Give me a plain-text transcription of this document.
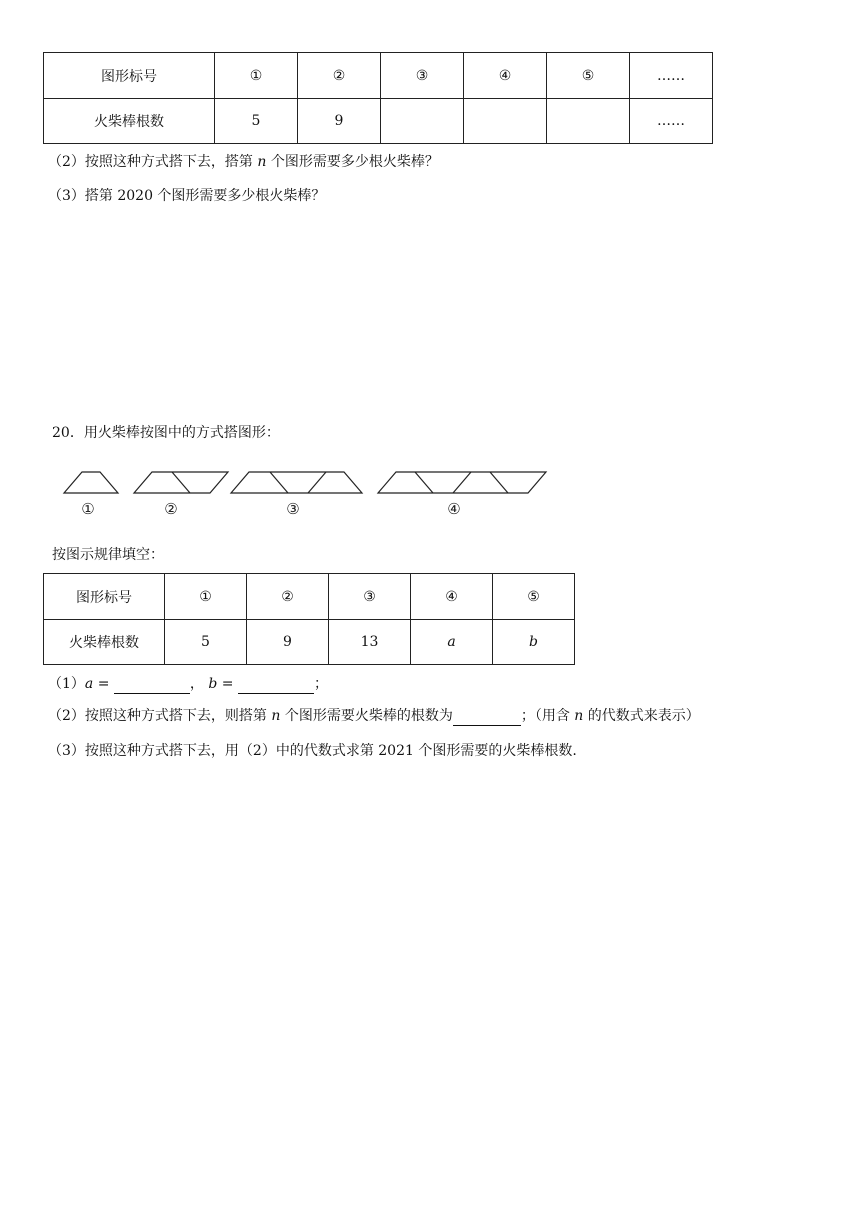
图形标号	①	②	③	④	⑤	……
火柴棒根数	5	9				……
（2）按照这种方式搭下去，搭第 n 个图形需要多少根火柴棒？
（3）搭第 2020 个图形需要多少根火柴棒？
20．用火柴棒按图中的方式搭图形：
①	②	③	④
按图示规律填空：
图形标号	①	②	③	④	⑤
火柴棒根数	5	9	13	a	b
（1）a =	， b =	；
（2）按照这种方式搭下去，则搭第 n 个图形需要火柴棒的根数为	；（用含 n 的代数式来表示）
（3）按照这种方式搭下去，用（2）中的代数式求第 2021 个图形需要的火柴棒根数.
